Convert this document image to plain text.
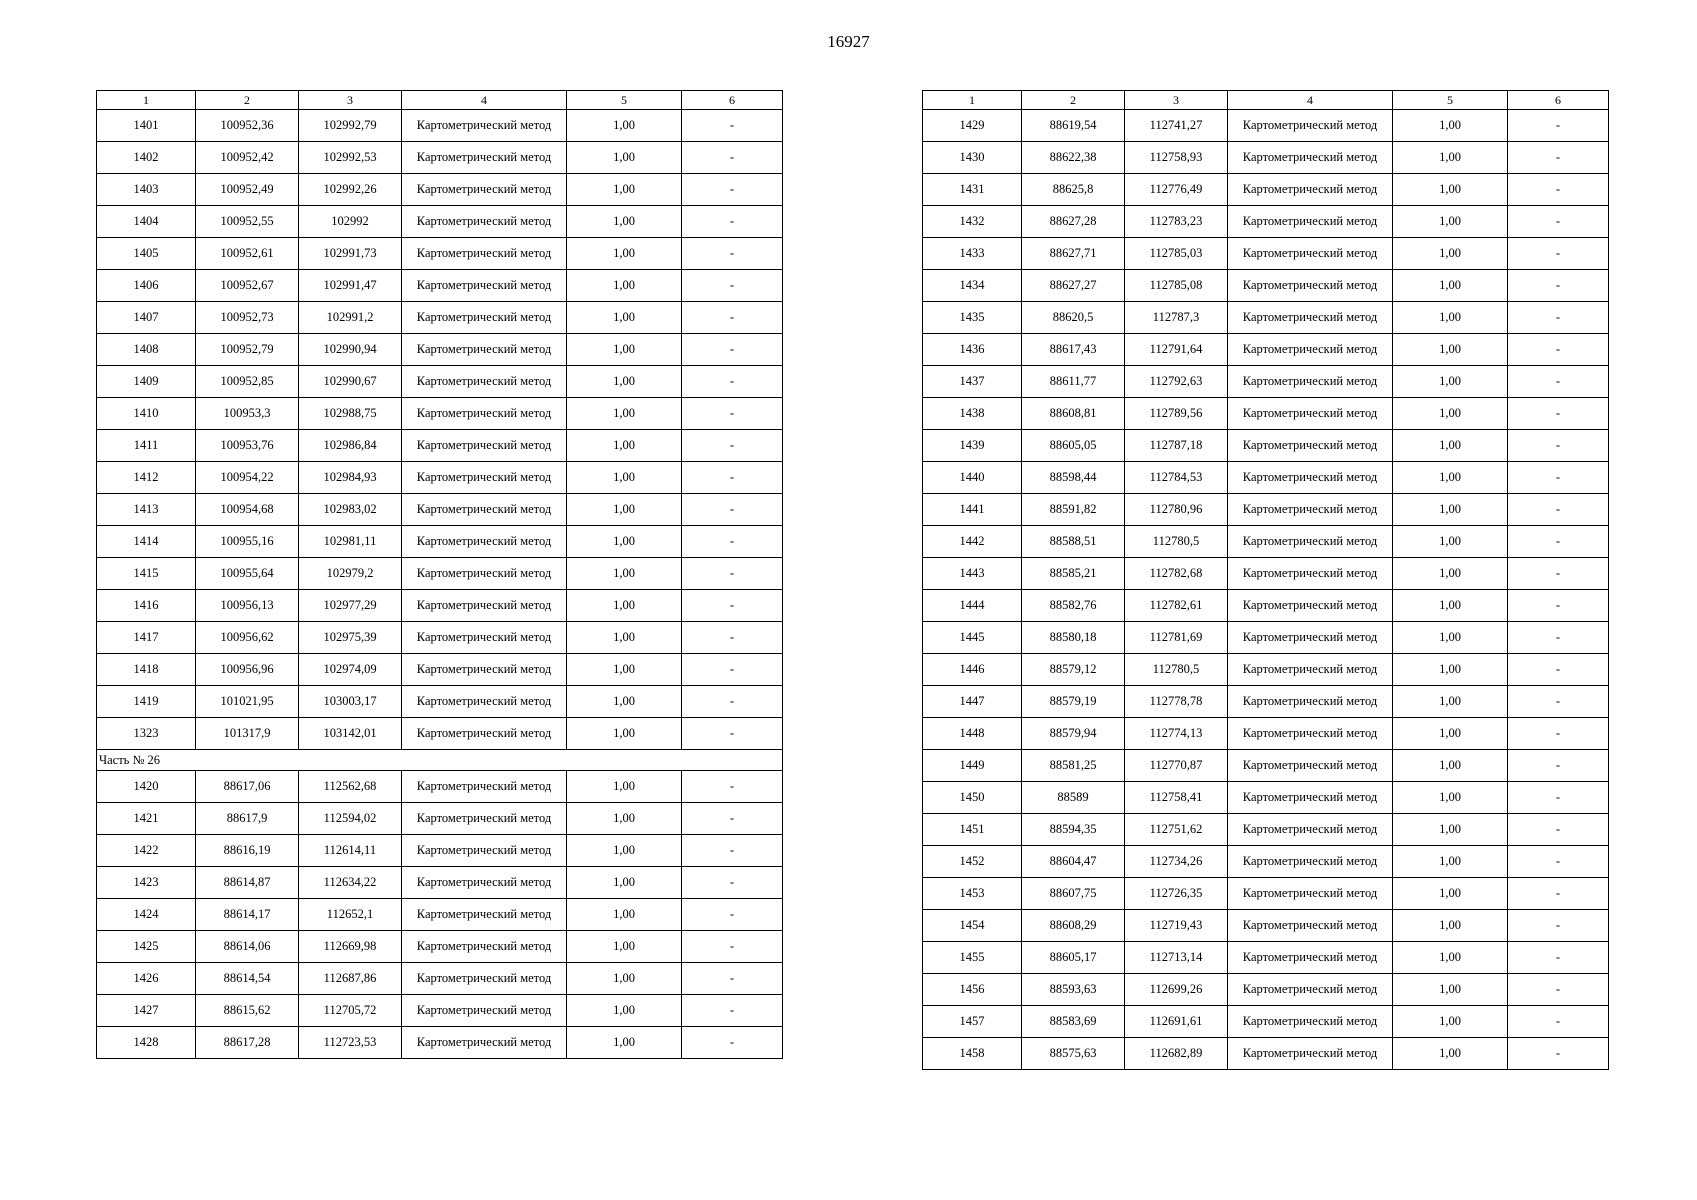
16927
1	2	3	4	5	6
1401	100952,36	102992,79	Картометрический метод	1,00	-
1402	100952,42	102992,53	Картометрический метод	1,00	-
1403	100952,49	102992,26	Картометрический метод	1,00	-
1404	100952,55	102992	Картометрический метод	1,00	-
1405	100952,61	102991,73	Картометрический метод	1,00	-
1406	100952,67	102991,47	Картометрический метод	1,00	-
1407	100952,73	102991,2	Картометрический метод	1,00	-
1408	100952,79	102990,94	Картометрический метод	1,00	-
1409	100952,85	102990,67	Картометрический метод	1,00	-
1410	100953,3	102988,75	Картометрический метод	1,00	-
1411	100953,76	102986,84	Картометрический метод	1,00	-
1412	100954,22	102984,93	Картометрический метод	1,00	-
1413	100954,68	102983,02	Картометрический метод	1,00	-
1414	100955,16	102981,11	Картометрический метод	1,00	-
1415	100955,64	102979,2	Картометрический метод	1,00	-
1416	100956,13	102977,29	Картометрический метод	1,00	-
1417	100956,62	102975,39	Картометрический метод	1,00	-
1418	100956,96	102974,09	Картометрический метод	1,00	-
1419	101021,95	103003,17	Картометрический метод	1,00	-
1323	101317,9	103142,01	Картометрический метод	1,00	-
Часть № 26					
1420	88617,06	112562,68	Картометрический метод	1,00	-
1421	88617,9	112594,02	Картометрический метод	1,00	-
1422	88616,19	112614,11	Картометрический метод	1,00	-
1423	88614,87	112634,22	Картометрический метод	1,00	-
1424	88614,17	112652,1	Картометрический метод	1,00	-
1425	88614,06	112669,98	Картометрический метод	1,00	-
1426	88614,54	112687,86	Картометрический метод	1,00	-
1427	88615,62	112705,72	Картометрический метод	1,00	-
1428	88617,28	112723,53	Картометрический метод	1,00	-
1	2	3	4	5	6
1429	88619,54	112741,27	Картометрический метод	1,00	-
1430	88622,38	112758,93	Картометрический метод	1,00	-
1431	88625,8	112776,49	Картометрический метод	1,00	-
1432	88627,28	112783,23	Картометрический метод	1,00	-
1433	88627,71	112785,03	Картометрический метод	1,00	-
1434	88627,27	112785,08	Картометрический метод	1,00	-
1435	88620,5	112787,3	Картометрический метод	1,00	-
1436	88617,43	112791,64	Картометрический метод	1,00	-
1437	88611,77	112792,63	Картометрический метод	1,00	-
1438	88608,81	112789,56	Картометрический метод	1,00	-
1439	88605,05	112787,18	Картометрический метод	1,00	-
1440	88598,44	112784,53	Картометрический метод	1,00	-
1441	88591,82	112780,96	Картометрический метод	1,00	-
1442	88588,51	112780,5	Картометрический метод	1,00	-
1443	88585,21	112782,68	Картометрический метод	1,00	-
1444	88582,76	112782,61	Картометрический метод	1,00	-
1445	88580,18	112781,69	Картометрический метод	1,00	-
1446	88579,12	112780,5	Картометрический метод	1,00	-
1447	88579,19	112778,78	Картометрический метод	1,00	-
1448	88579,94	112774,13	Картометрический метод	1,00	-
1449	88581,25	112770,87	Картометрический метод	1,00	-
1450	88589	112758,41	Картометрический метод	1,00	-
1451	88594,35	112751,62	Картометрический метод	1,00	-
1452	88604,47	112734,26	Картометрический метод	1,00	-
1453	88607,75	112726,35	Картометрический метод	1,00	-
1454	88608,29	112719,43	Картометрический метод	1,00	-
1455	88605,17	112713,14	Картометрический метод	1,00	-
1456	88593,63	112699,26	Картометрический метод	1,00	-
1457	88583,69	112691,61	Картометрический метод	1,00	-
1458	88575,63	112682,89	Картометрический метод	1,00	-
